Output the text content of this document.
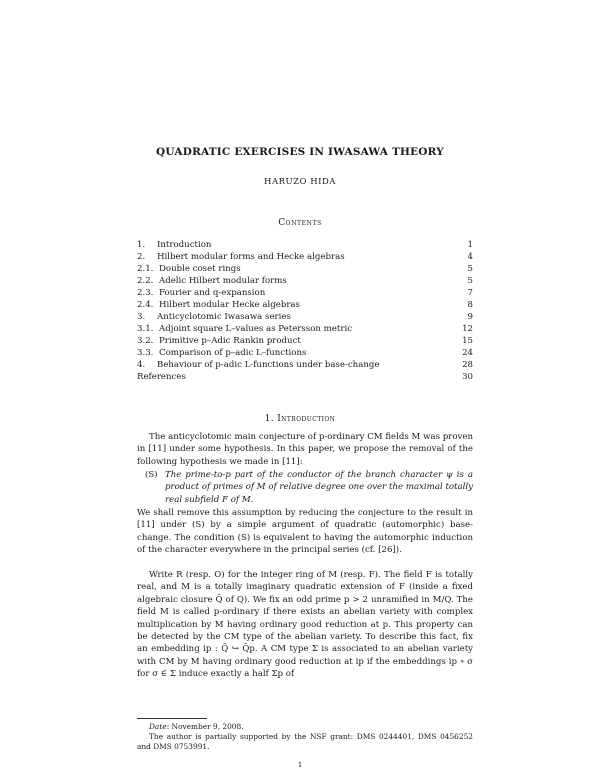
QUADRATIC EXERCISES IN IWASAWA THEORY
HARUZO HIDA
Contents
1.	Introduction	1
2.	Hilbert modular forms and Hecke algebras	4
2.1. Double coset rings	5
2.2. Adelic Hilbert modular forms	5
2.3. Fourier and q-expansion	7
2.4. Hilbert modular Hecke algebras	8
3.	Anticyclotomic Iwasawa series	9
3.1. Adjoint square L–values as Petersson metric	12
3.2. Primitive p–Adic Rankin product	15
3.3. Comparison of p–adic L–functions	24
4.	Behaviour of p-adic L-functions under base-change	28
References	30
1. Introduction
The anticyclotomic main conjecture of p-ordinary CM fields M was proven in [11] under some hypothesis. In this paper, we propose the removal of the following hypothesis we made in [11]:
(S) The prime-to-p part of the conductor of the branch character ψ is a product of primes of M of relative degree one over the maximal totally real subfield F of M.
We shall remove this assumption by reducing the conjecture to the result in [11] under (S) by a simple argument of quadratic (automorphic) base-change. The condition (S) is equivalent to having the automorphic induction of the character everywhere in the principal series (cf. [26]).
Write R (resp. O) for the integer ring of M (resp. F). The field F is totally real, and M is a totally imaginary quadratic extension of F (inside a fixed algebraic closure Q̄ of Q). We fix an odd prime p > 2 unramified in M/Q. The field M is called p-ordinary if there exists an abelian variety with complex multiplication by M having ordinary good reduction at p. This property can be detected by the CM type of the abelian variety. To describe this fact, fix an embedding ip : Q̄ ↪ Q̄p. A CM type Σ is associated to an abelian variety with CM by M having ordinary good reduction at ip if the embeddings ip ∘ σ for σ ∈ Σ induce exactly a half Σp of
Date: November 9, 2008.
The author is partially supported by the NSF grant: DMS 0244401, DMS 0456252 and DMS 0753991.
1
